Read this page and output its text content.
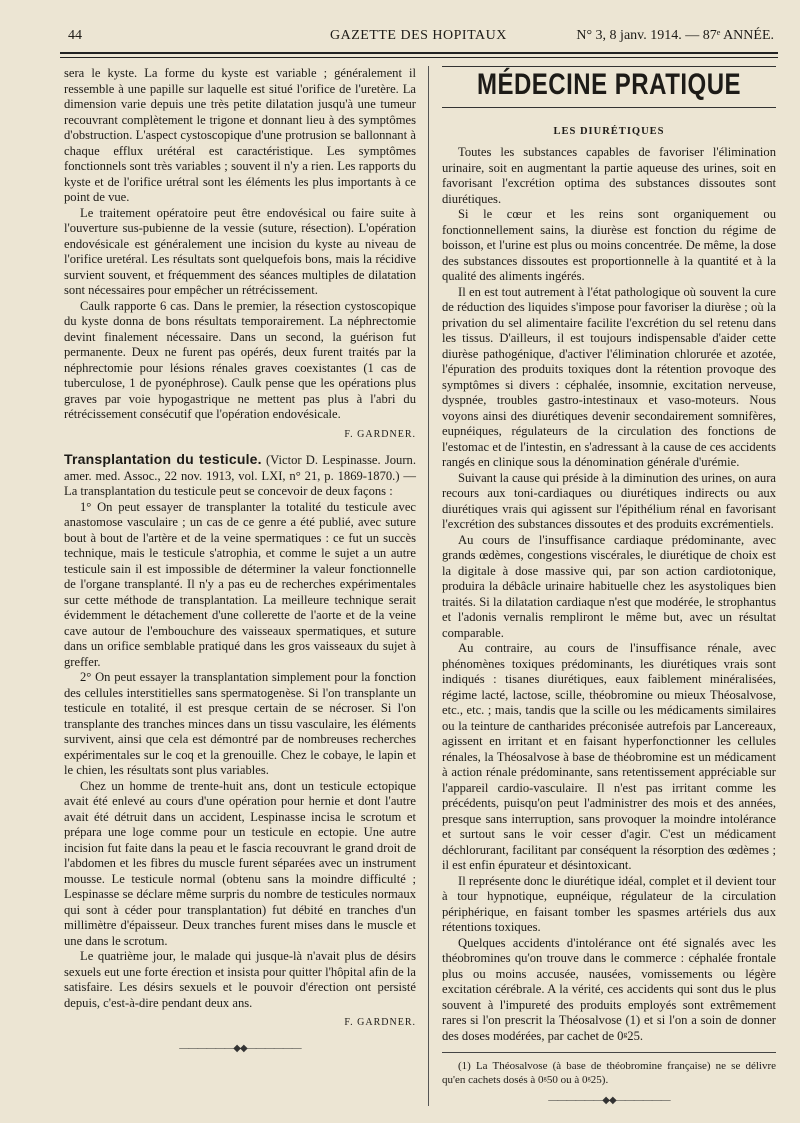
44	GAZETTE DES HOPITAUX	N° 3, 8 janv. 1914. — 87ᵉ ANNÉE.

sera le kyste. La forme du kyste est variable ; généralement il ressemble à une papille sur laquelle est situé l'orifice de l'uretère. La dimension varie depuis une très petite dilatation jusqu'à une tumeur recouvrant complètement le trigone et donnant lieu à des symptômes d'obstruction. L'aspect cystoscopique d'une protrusion se ballonnant à chaque efflux urétéral est caractéristique. Les symptômes fonctionnels sont très variables ; souvent il n'y a rien. Les rapports du kyste et de l'orifice urétral sont les éléments les plus importants à ce point de vue.

Le traitement opératoire peut être endovésical ou faire suite à l'ouverture sus-pubienne de la vessie (suture, résection). L'opération endovésicale est généralement une incision du kyste au niveau de l'orifice uretéral. Les résultats sont quelquefois bons, mais la récidive survient souvent, et fréquemment des séances multiples de dilatation sont nécessaires pour empêcher un rétrécissement.

Caulk rapporte 6 cas. Dans le premier, la résection cystoscopique du kyste donna de bons résultats temporairement. La néphrectomie devint finalement nécessaire. Dans un second, la guérison fut permanente. Deux ne furent pas opérés, deux furent traités par la néphrectomie pour lésions rénales graves coexistantes (1 cas de tuberculose, 1 de pyonéphrose). Caulk pense que les opérations plus graves par voie hypogastrique ne mettent pas plus à l'abri du rétrécissement consécutif que l'opération endovésicale.

F. GARDNER.

Transplantation du testicule. (Victor D. Lespinasse. Journ. amer. med. Assoc., 22 nov. 1913, vol. LXI, n° 21, p. 1869-1870.) — La transplantation du testicule peut se concevoir de deux façons :

1° On peut essayer de transplanter la totalité du testicule avec anastomose vasculaire ; un cas de ce genre a été publié, avec suture bout à bout de l'artère et de la veine spermatiques : ce fut un succès technique, mais le testicule s'atrophia, et comme le sujet a un autre testicule sain il est impossible de déterminer la valeur fonctionnelle de l'organe transplanté. Il n'y a pas eu de recherches expérimentales sur cette méthode de transplantation. La meilleure technique serait évidemment le détachement d'une collerette de l'aorte et de la veine cave autour de l'embouchure des vaisseaux spermatiques, et suture dans un orifice semblable pratiqué dans les gros vaisseaux du sujet à greffer.

2° On peut essayer la transplantation simplement pour la fonction des cellules interstitielles sans spermatogenèse. Si l'on transplante un testicule en totalité, il est presque certain de se nécroser. Si l'on transplante des tranches minces dans un tissu vasculaire, les éléments survivent, ainsi que cela est démontré par de nombreuses recherches expérimentales sur le coq et la grenouille. Chez le cobaye, le lapin et le chien, les résultats sont plus variables.

Chez un homme de trente-huit ans, dont un testicule ectopique avait été enlevé au cours d'une opération pour hernie et dont l'autre avait été détruit dans un accident, Lespinasse incisa le scrotum et prépara une loge comme pour un testicule en ectopie. Une autre incision fut faite dans la peau et le fascia recouvrant le grand droit de l'abdomen et les fibres du muscle furent séparées avec un instrument mousse. Le testicule normal (obtenu sans la moindre difficulté ; Lespinasse se déclare même surpris du nombre de testicules normaux qui sont à céder pour transplantation) fut débité en tranches d'un millimètre d'épaisseur. Deux tranches furent mises dans le muscle et une dans le scrotum.

Le quatrième jour, le malade qui jusque-là n'avait plus de désirs sexuels eut une forte érection et insista pour quitter l'hôpital afin de la satisfaire. Les désirs sexuels et le pouvoir d'érection ont persisté depuis, c'est-à-dire pendant deux ans.

F. GARDNER.
——————◆◆——————
MÉDECINE PRATIQUE
LES DIURÉTIQUES

Toutes les substances capables de favoriser l'élimination urinaire, soit en augmentant la partie aqueuse des urines, soit en favorisant l'excrétion optima des substances dissoutes sont diurétiques.

Si le cœur et les reins sont organiquement ou fonctionnellement sains, la diurèse est fonction du régime de boisson, et l'urine est plus ou moins concentrée. De même, la dose des substances dissoutes est proportionnelle à la quantité et à la qualité des aliments ingérés.

Il en est tout autrement à l'état pathologique où souvent la cure de réduction des liquides s'impose pour favoriser la diurèse ; où la privation du sel alimentaire facilite l'excrétion du sel retenu dans les tissus. D'ailleurs, il est toujours indispensable d'aider cette diurèse pathogénique, d'activer l'élimination chlorurée et azotée, l'épuration des produits toxiques dont la rétention provoque des symptômes si divers : céphalée, insomnie, excitation nerveuse, dyspnée, troubles gastro-intestinaux et vaso-moteurs. Nous voyons ainsi des diurétiques devenir secondairement somnifères, eupnéiques, régulateurs de la circulation des fonctions de l'estomac et de l'intestin, en s'adressant à la cause de ces accidents rangés en clinique sous la dénomination générale d'urémie.

Suivant la cause qui préside à la diminution des urines, on aura recours aux toni-cardiaques ou diurétiques indirects ou aux diurétiques vrais qui agissent sur l'épithélium rénal en favorisant l'excrétion des substances dissoutes et des produits excrémentiels.

Au cours de l'insuffisance cardiaque prédominante, avec grands œdèmes, congestions viscérales, le diurétique de choix est la digitale à dose massive qui, par son action cardiotonique, produira la débâcle urinaire habituelle chez les asystoliques bien traités. Si la dilatation cardiaque n'est que modérée, le strophantus et l'adonis vernalis rempliront le même but, avec un résultat comparable.

Au contraire, au cours de l'insuffisance rénale, avec phénomènes toxiques prédominants, les diurétiques vrais sont indiqués : tisanes diurétiques, eaux faiblement minéralisées, régime lacté, lactose, scille, théobromine ou mieux Théosalvose, etc., etc. ; mais, tandis que la scille ou les médicaments similaires ou la teinture de cantharides préconisée autrefois par Lancereaux, agissent en irritant et en faisant hyperfonctionner les cellules rénales, la Théosalvose à base de théobromine est un médicament à action rénale prédominante, sans retentissement appréciable sur l'appareil cardio-vasculaire. Il n'est pas irritant comme les précédents, puisqu'on peut l'administrer des mois et des années, presque sans interruption, sans provoquer la moindre intolérance et surtout sans le voir cesser d'agir. C'est un médicament déchlorurant, facilitant par conséquent la résorption des œdèmes ; il est enfin épurateur et désintoxicant.

Il représente donc le diurétique idéal, complet et il devient tour à tour hypnotique, eupnéique, régulateur de la circulation périphérique, en faisant tomber les spasmes artériels dus aux rétentions toxiques.

Quelques accidents d'intolérance ont été signalés avec les théobromines qu'on trouve dans le commerce : céphalée frontale plus ou moins accusée, nausées, vomissements ou légère excitation cérébrale. A la vérité, ces accidents qui sont dus le plus souvent à l'impureté des produits employés sont extrêmement rares si l'on prescrit la Théosalvose (1) et si l'on a soin de donner des doses modérées, par cachet de 0ᵍ25.

(1) La Théosalvose (à base de théobromine française) ne se délivre qu'en cachets dosés à 0ᵍ50 ou à 0ᵍ25).

——————◆◆——————
